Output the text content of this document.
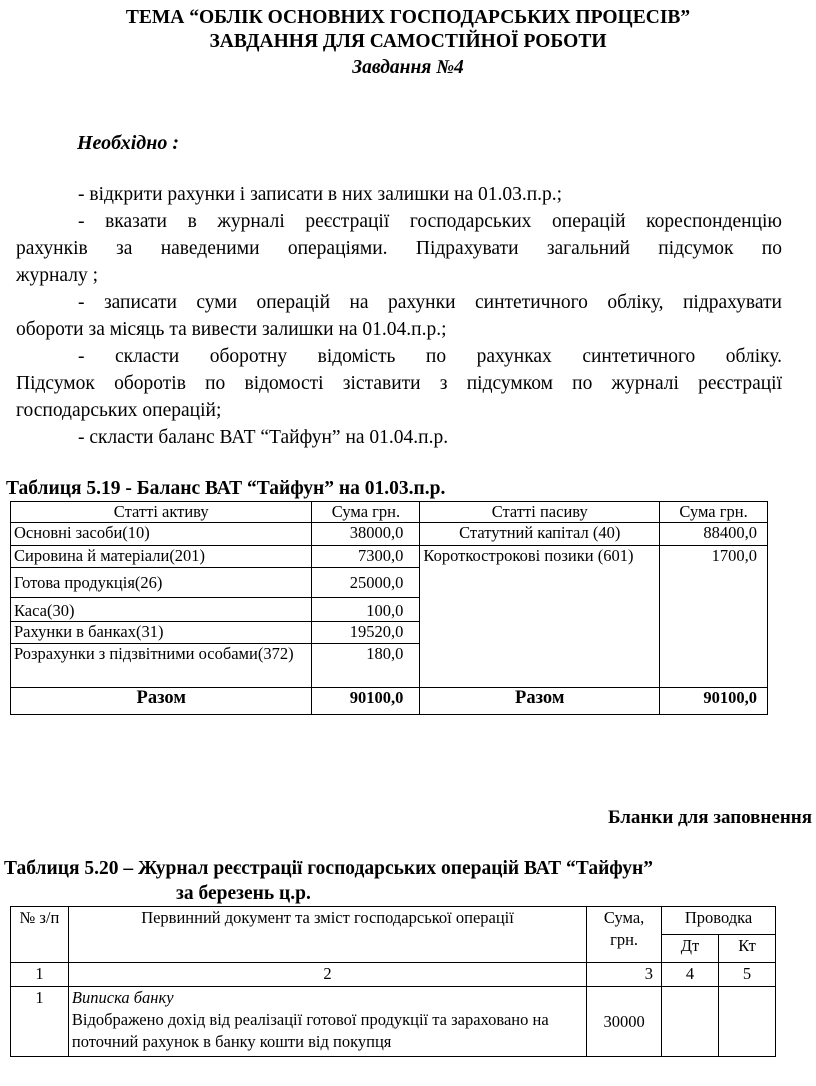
ТЕМА “ОБЛІК ОСНОВНИХ ГОСПОДАРСЬКИХ ПРОЦЕСІВ”
ЗАВДАННЯ ДЛЯ САМОСТІЙНОЇ РОБОТИ
Завдання №4
Необхідно :
- відкрити рахунки і записати в них залишки на 01.03.п.р.;
- вказати в журналі реєстрації господарських операцій кореспонденцію
рахунків за наведеними операціями. Підрахувати загальний підсумок по
журналу ;
- записати суми операцій на рахунки синтетичного обліку, підрахувати
обороти за місяць та вивести залишки на 01.04.п.р.;
- скласти оборотну відомість по рахунках синтетичного обліку.
Підсумок оборотів по відомості зіставити з підсумком по журналі реєстрації
господарських операцій;
- скласти баланс ВАТ “Тайфун” на 01.04.п.р.
Таблиця 5.19 - Баланс ВАТ “Тайфун” на 01.03.п.р.
Статті активу	Сума грн.	Статті пасиву	Сума грн.
Основні засоби(10)	38000,0	Статутний капітал (40)	88400,0
Сировина й матеріали(201)	7300,0	Короткострокові позики (601)	1700,0
Готова продукція(26)	25000,0		
Каса(30)	100,0		
Рахунки в банках(31)	19520,0		
Розрахунки з підзвітними особами(372)	180,0		
Разом	90100,0	Разом	90100,0
Бланки для заповнення
Таблиця 5.20 – Журнал реєстрації господарських операцій ВАТ “Тайфун”
за березень ц.р.
№ з/п	Первинний документ та зміст господарської операції	Сума, грн.	Проводка	
			Дт	Кт
1	2	3	4	5
1	Виписка банку
Відображено дохід від реалізації готової продукції та зараховано на поточний рахунок в банку кошти від покупця	30000		
